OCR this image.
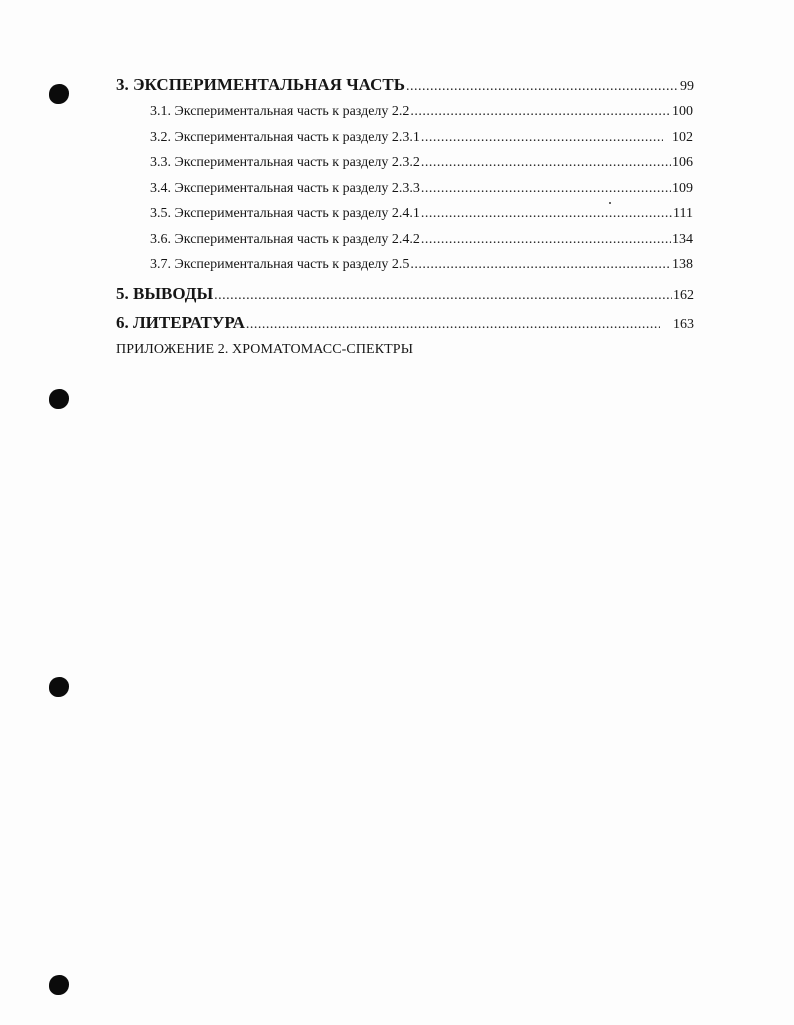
3. ЭКСПЕРИМЕНТАЛЬНАЯ ЧАСТЬ .....	99
3.1. Экспериментальная часть к разделу 2.2 .....	100
3.2. Экспериментальная часть к разделу 2.3.1 .....	102
3.3. Экспериментальная часть к разделу 2.3.2 .....	106
3.4. Экспериментальная часть к разделу 2.3.3 .....	109
3.5. Экспериментальная часть к разделу 2.4.1 .....	111
3.6. Экспериментальная часть к разделу 2.4.2 .....	134
3.7. Экспериментальная часть к разделу 2.5 .....	138
5. ВЫВОДЫ .....	162
6. ЛИТЕРАТУРА .....	163
ПРИЛОЖЕНИЕ 2. ХРОМАТОМАСС-СПЕКТРЫ
